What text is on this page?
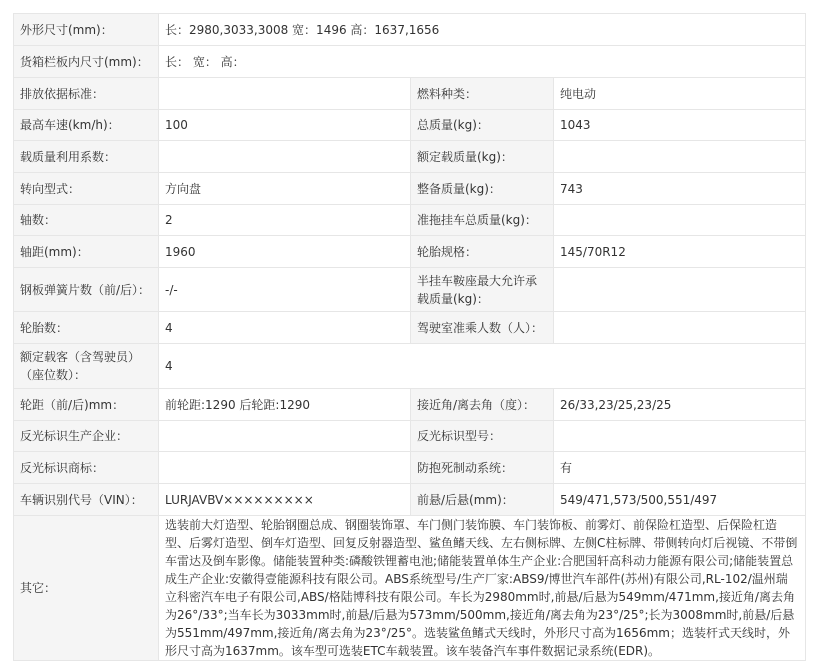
外形尺寸(mm)：	长：2980,3033,3008 宽：1496 高：1637,1656		
货箱栏板内尺寸(mm)：	长： 宽： 高：		
排放依据标准：		燃料种类：	纯电动
最高车速(km/h)：	100	总质量(kg)：	1043
载质量利用系数：		额定载质量(kg)：	
转向型式：	方向盘	整备质量(kg)：	743
轴数：	2	准拖挂车总质量(kg)：	
轴距(mm)：	1960	轮胎规格：	145/70R12
钢板弹簧片数（前/后）：	-/-	半挂车鞍座最大允许承载质量(kg)：	
轮胎数：	4	驾驶室准乘人数（人）：	
额定载客（含驾驶员）（座位数）：	4		
轮距（前/后)mm：	前轮距:1290 后轮距:1290	接近角/离去角（度）：	26/33,23/25,23/25
反光标识生产企业：		反光标识型号：	
反光标识商标：		防抱死制动系统：	有
车辆识别代号（VIN）：	LURJAVBV×××××××××	前悬/后悬(mm)：	549/471,573/500,551/497
其它：	选装前大灯造型、轮胎钢圈总成、钢圈装饰罩、车门侧门装饰膜、车门装饰板、前雾灯、前保险杠造型、后保险杠造型、后雾灯造型、倒车灯造型、回复反射器造型、鲨鱼鳍天线、左右侧标牌、左侧C柱标牌、带侧转向灯后视镜、不带倒车雷达及倒车影像。储能装置种类:磷酸铁锂蓄电池;储能装置单体生产企业:合肥国轩高科动力能源有限公司;储能装置总成生产企业:安徽得壹能源科技有限公司。ABS系统型号/生产厂家:ABS9/博世汽车部件(苏州)有限公司,RL-102/温州瑞立科密汽车电子有限公司,ABS/格陆博科技有限公司。车长为2980mm时,前悬/后悬为549mm/471mm,接近角/离去角为26°/33°;当车长为3033mm时,前悬/后悬为573mm/500mm,接近角/离去角为23°/25°;长为3008mm时,前悬/后悬为551mm/497mm,接近角/离去角为23°/25°。选装鲨鱼鳍式天线时，外形尺寸高为1656mm；选装杆式天线时，外形尺寸高为1637mm。该车型可选装ETC车载装置。该车装备汽车事件数据记录系统(EDR)。		
